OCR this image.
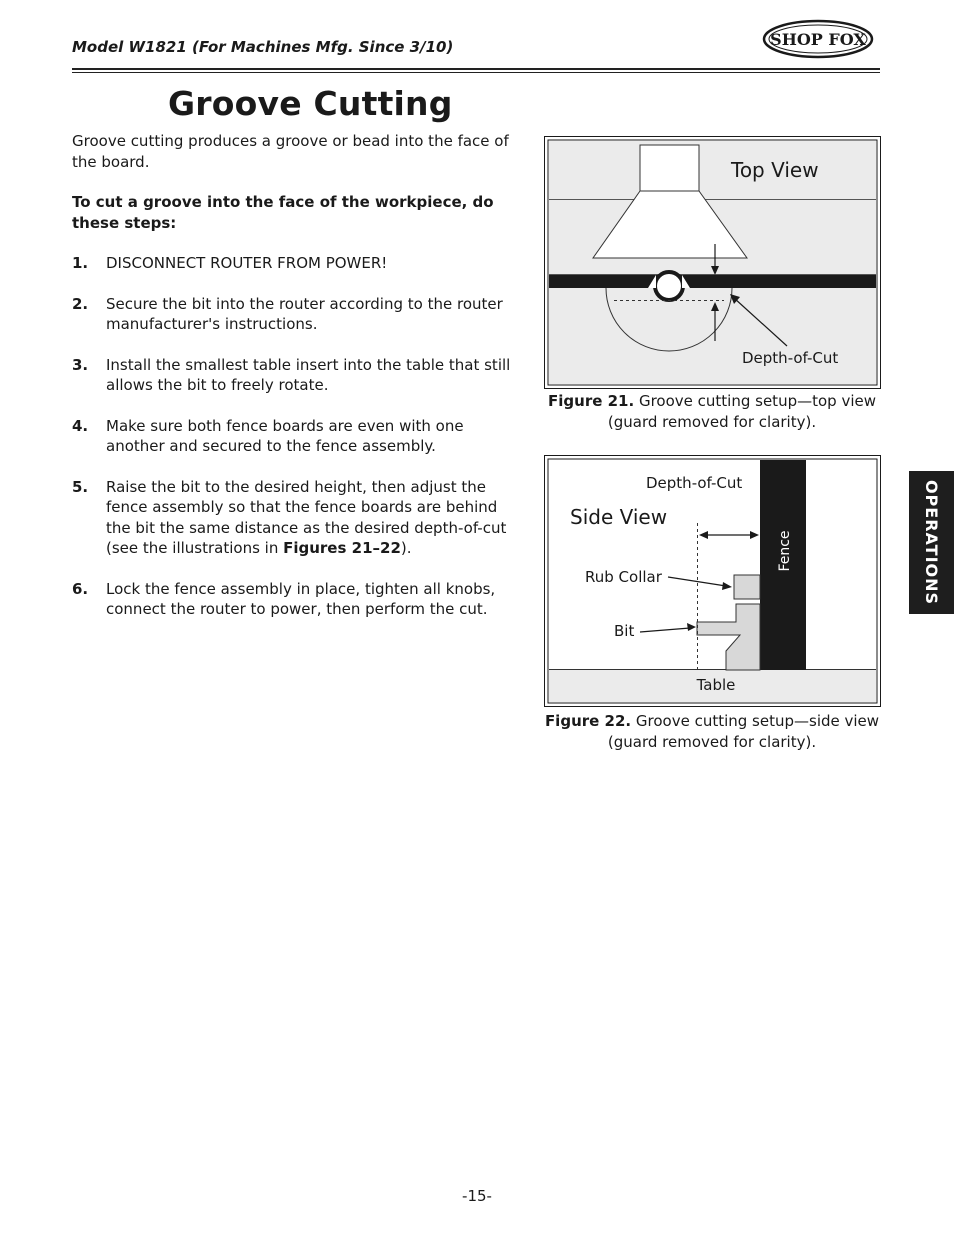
Model W1821 (For Machines Mfg. Since 3/10)	SHOP FOX
Groove Cutting

Groove cutting produces a groove or bead into the face of the board.

To cut a groove into the face of the workpiece, do these steps:

1.	DISCONNECT ROUTER FROM POWER!
2.	Secure the bit into the router according to the router manufacturer's instructions.
3.	Install the smallest table insert into the table that still allows the bit to freely rotate.
4.	Make sure both fence boards are even with one another and secured to the fence assembly.
5.	Raise the bit to the desired height, then adjust the fence assembly so that the fence boards are behind the bit the same distance as the desired depth-of-cut (see the illustrations in Figures 21–22).
6.	Lock the fence assembly in place, tighten all knobs, connect the router to power, then perform the cut.
Top View
Depth-of-Cut
Figure 21. Groove cutting setup—top view (guard removed for clarity).
Depth-of-Cut
Side View
Rub Collar
Bit
Fence
Table
Figure 22. Groove cutting setup—side view (guard removed for clarity).
OPERATIONS
-15-
